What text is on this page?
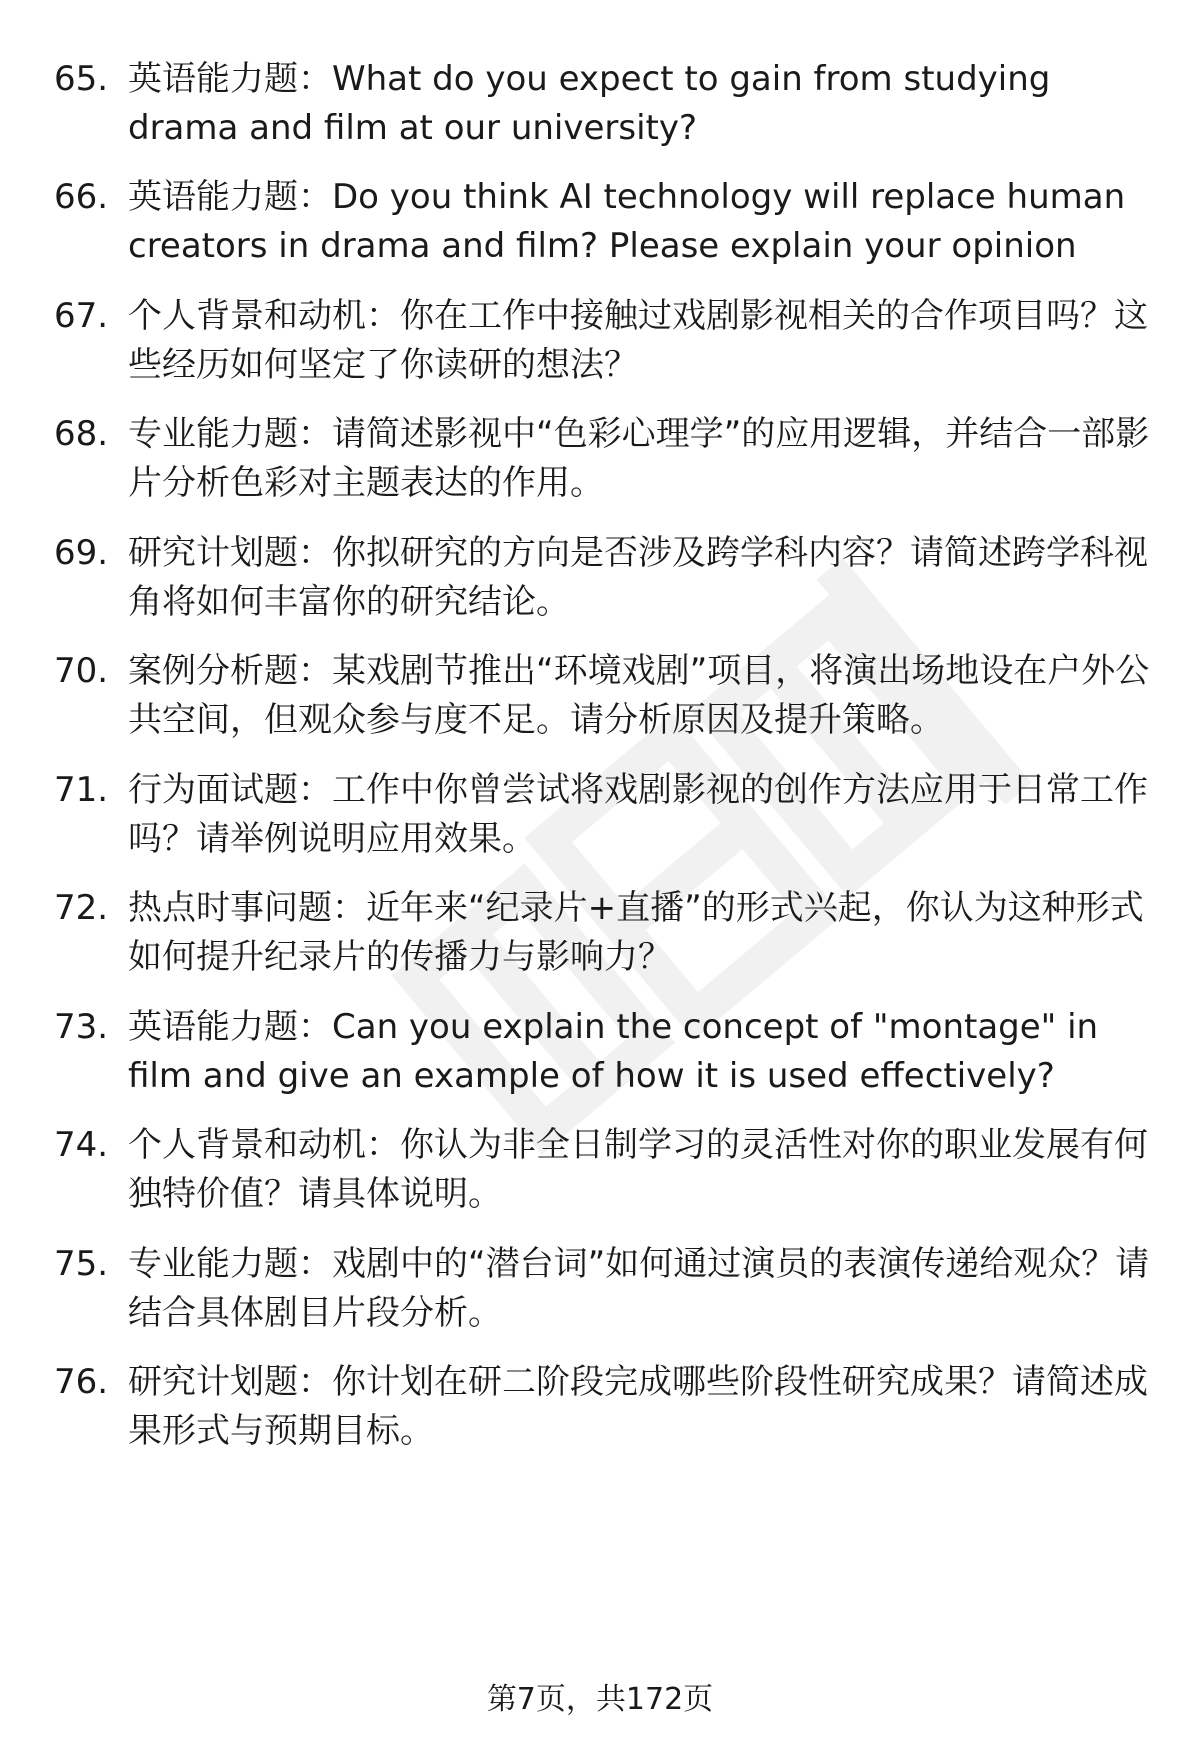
65. 英语能力题：What do you expect to gain from studying drama and film at our university?
66. 英语能力题：Do you think AI technology will replace human creators in drama and film? Please explain your opinion
67. 个人背景和动机：你在工作中接触过戏剧影视相关的合作项目吗？这些经历如何坚定了你读研的想法？
68. 专业能力题：请简述影视中“色彩心理学”的应用逻辑，并结合一部影片分析色彩对主题表达的作用。
69. 研究计划题：你拟研究的方向是否涉及跨学科内容？请简述跨学科视角将如何丰富你的研究结论。
70. 案例分析题：某戏剧节推出“环境戏剧”项目，将演出场地设在户外公共空间，但观众参与度不足。请分析原因及提升策略。
71. 行为面试题：工作中你曾尝试将戏剧影视的创作方法应用于日常工作吗？请举例说明应用效果。
72. 热点时事问题：近年来“纪录片+直播”的形式兴起，你认为这种形式如何提升纪录片的传播力与影响力？
73. 英语能力题：Can you explain the concept of "montage" in film and give an example of how it is used effectively?
74. 个人背景和动机：你认为非全日制学习的灵活性对你的职业发展有何独特价值？请具体说明。
75. 专业能力题：戏剧中的“潜台词”如何通过演员的表演传递给观众？请结合具体剧目片段分析。
76. 研究计划题：你计划在研二阶段完成哪些阶段性研究成果？请简述成果形式与预期目标。
第7页，共172页
